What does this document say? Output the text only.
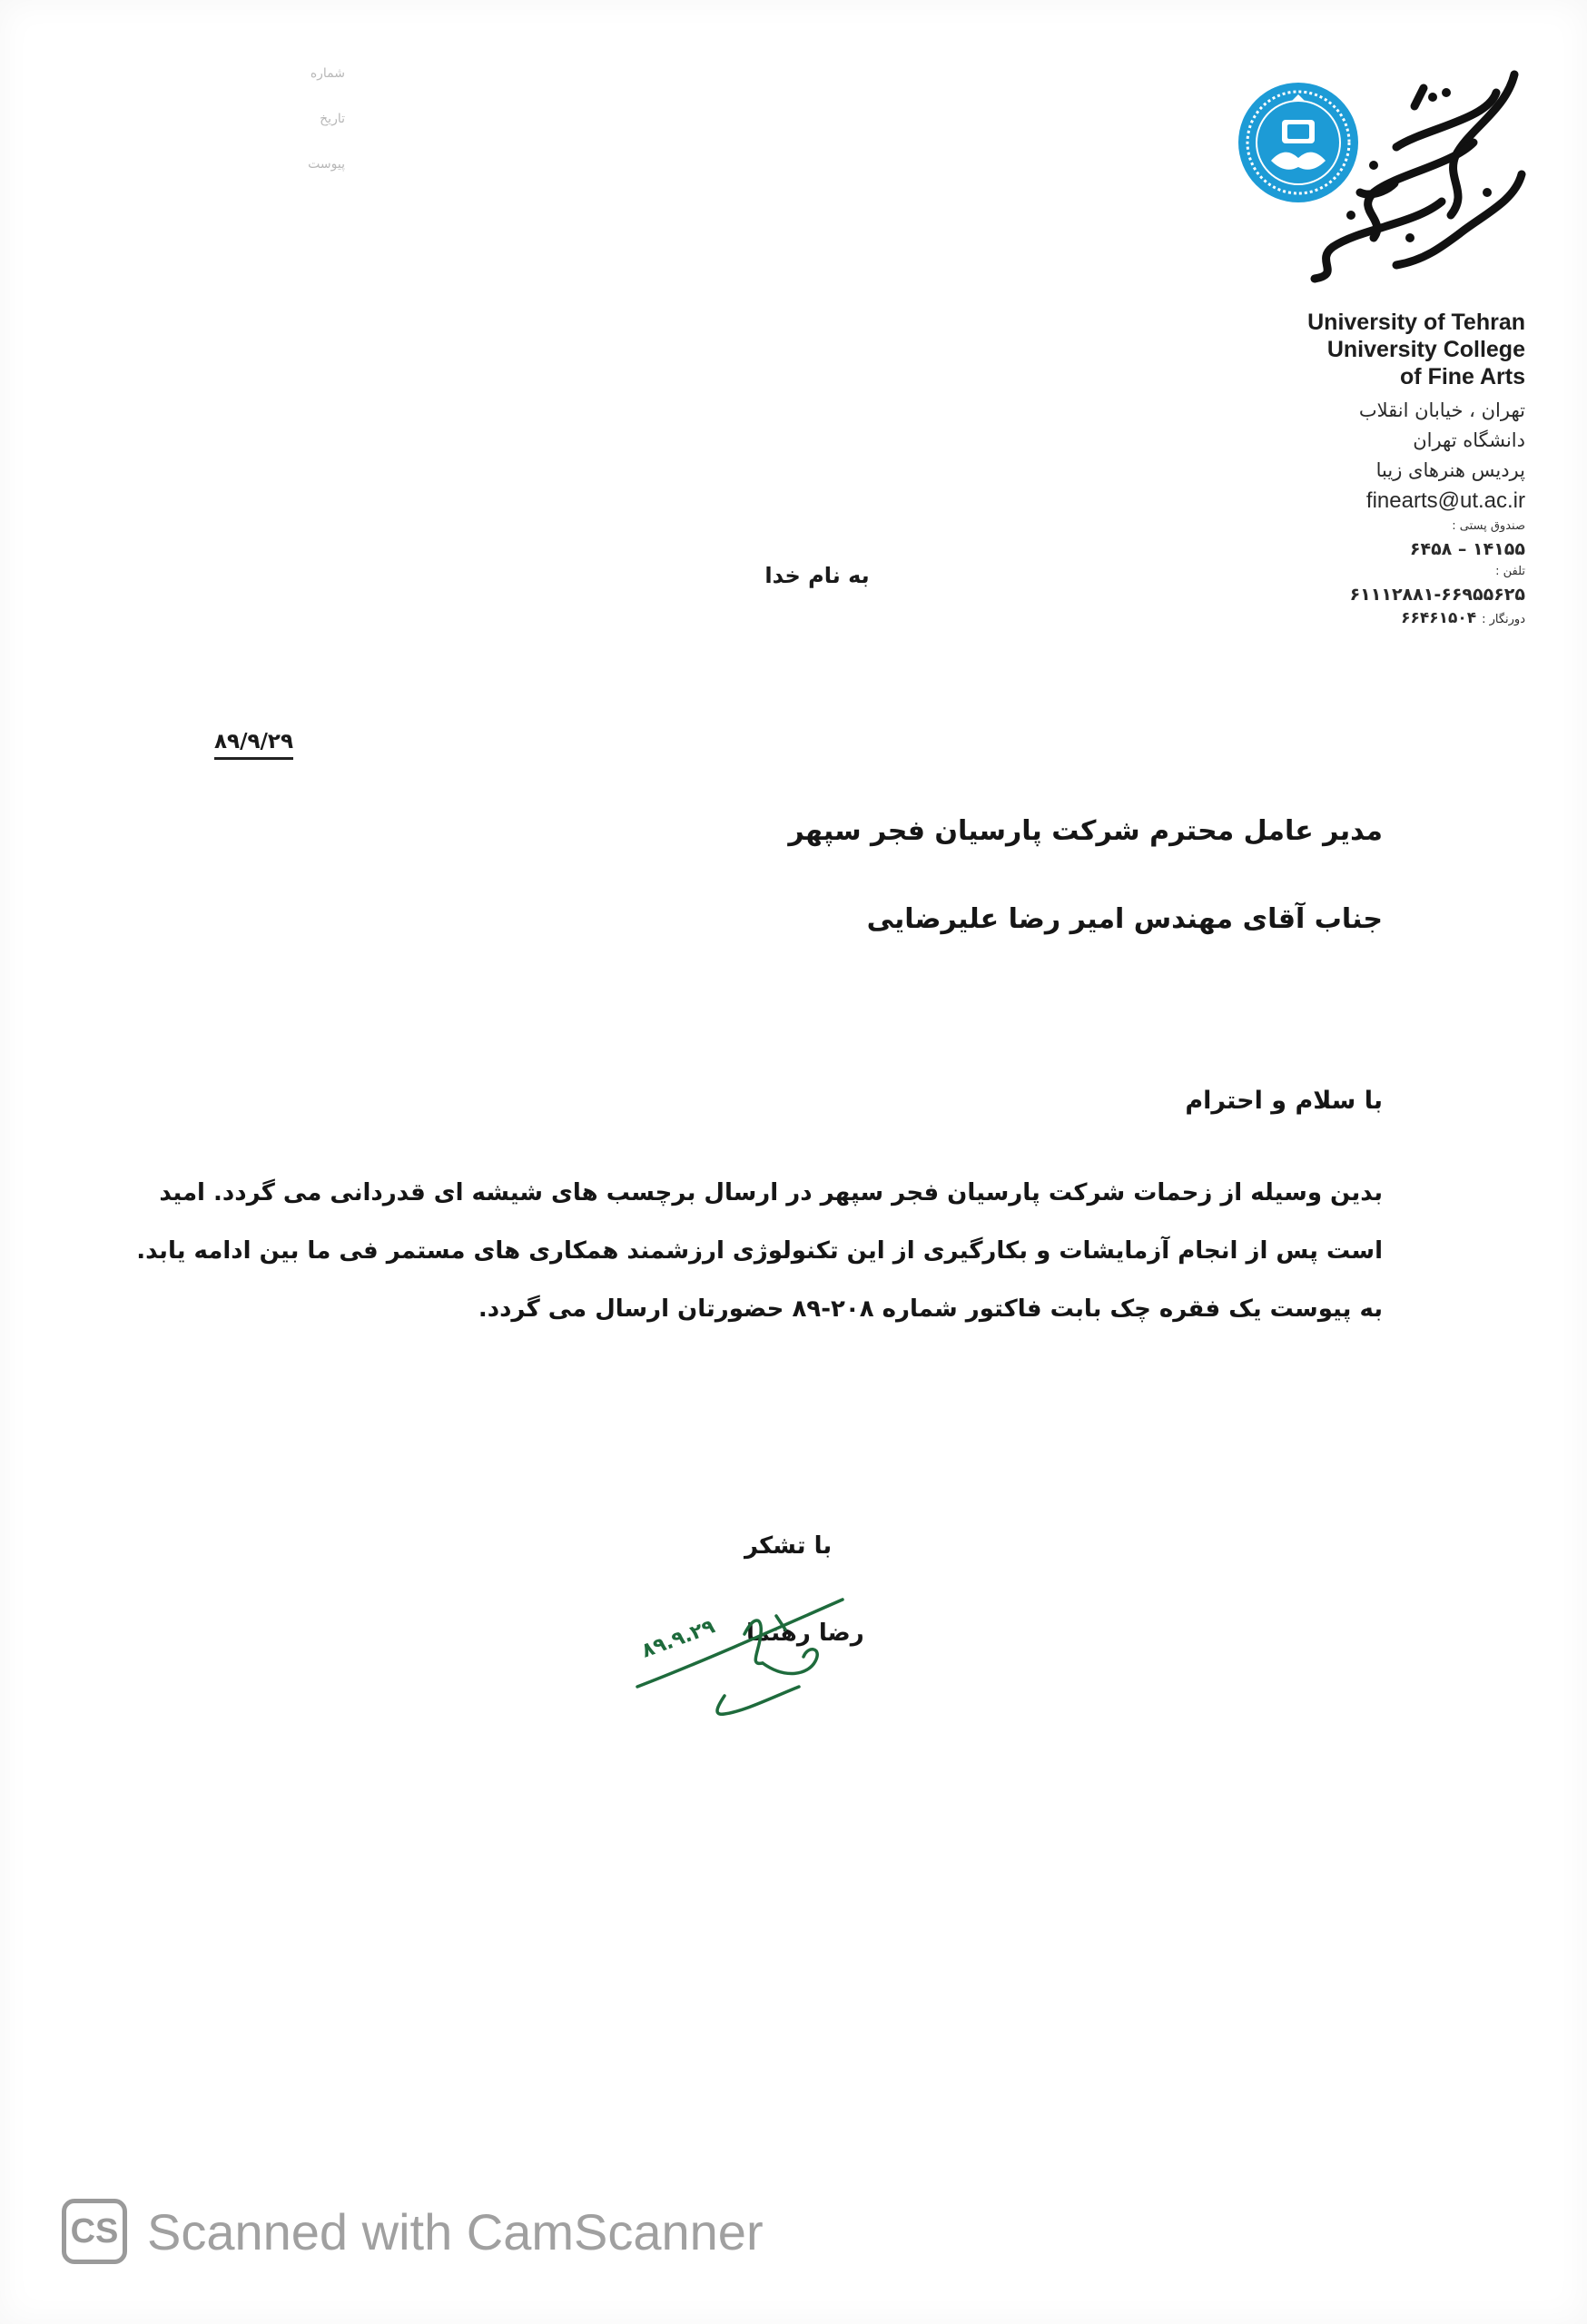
شماره
تاریخ
پیوست
University of Tehran
University College
of Fine Arts
تهران ، خیابان انقلاب
دانشگاه تهران
پردیس هنرهای زیبا
finearts@ut.ac.ir
صندوق پستی :
۱۴۱۵۵ – ۶۴۵۸
تلفن :
۶۱۱۱۲۸۸۱-۶۶۹۵۵۶۲۵
دورنگار : ۶۶۴۶۱۵۰۴
به نام خدا
۸۹/۹/۲۹
مدیر عامل محترم شرکت پارسیان فجر سپهر
جناب آقای مهندس امیر رضا علیرضایی
با سلام و احترام

بدین وسیله از زحمات شرکت پارسیان فجر سپهر در ارسال برچسب های شیشه ای قدردانی می گردد. امید

است پس از انجام آزمایشات و بکارگیری از این تکنولوژی ارزشمند همکاری های مستمر فی ما بین ادامه یابد.

به پیوست یک فقره چک بابت فاکتور شماره ۲۰۸-۸۹ حضورتان ارسال می گردد.

با تشکر
رضا رهنما
۸۹.۹.۲۹
CS Scanned with CamScanner
